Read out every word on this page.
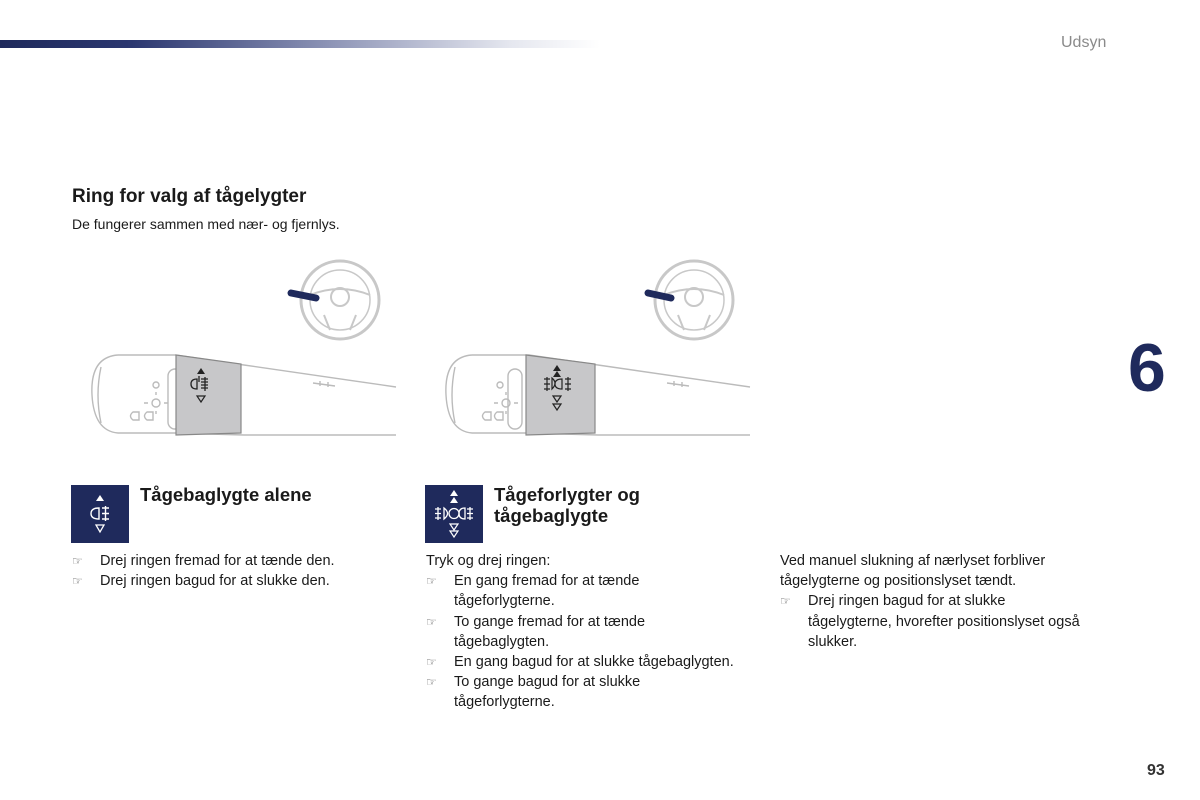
Udsyn
6
93
Ring for valg af tågelygter

De fungerer sammen med nær- og fjernlys.

Tågebaglygte alene	Tågeforlygter og
tågebaglygte
☞ Drej ringen fremad for at tænde den.
☞ Drej ringen bagud for at slukke den.

Tryk og drej ringen:

☞ En gang fremad for at tænde
tågeforlygterne.
☞ To gange fremad for at tænde
tågebaglygten.
☞ En gang bagud for at slukke tågebaglygten.
☞ To gange bagud for at slukke
tågeforlygterne.

Ved manuel slukning af nærlyset forbliver
tågelygterne og positionslyset tændt.

☞ Drej ringen bagud for at slukke
tågelygterne, hvorefter positionslyset også
slukker.
